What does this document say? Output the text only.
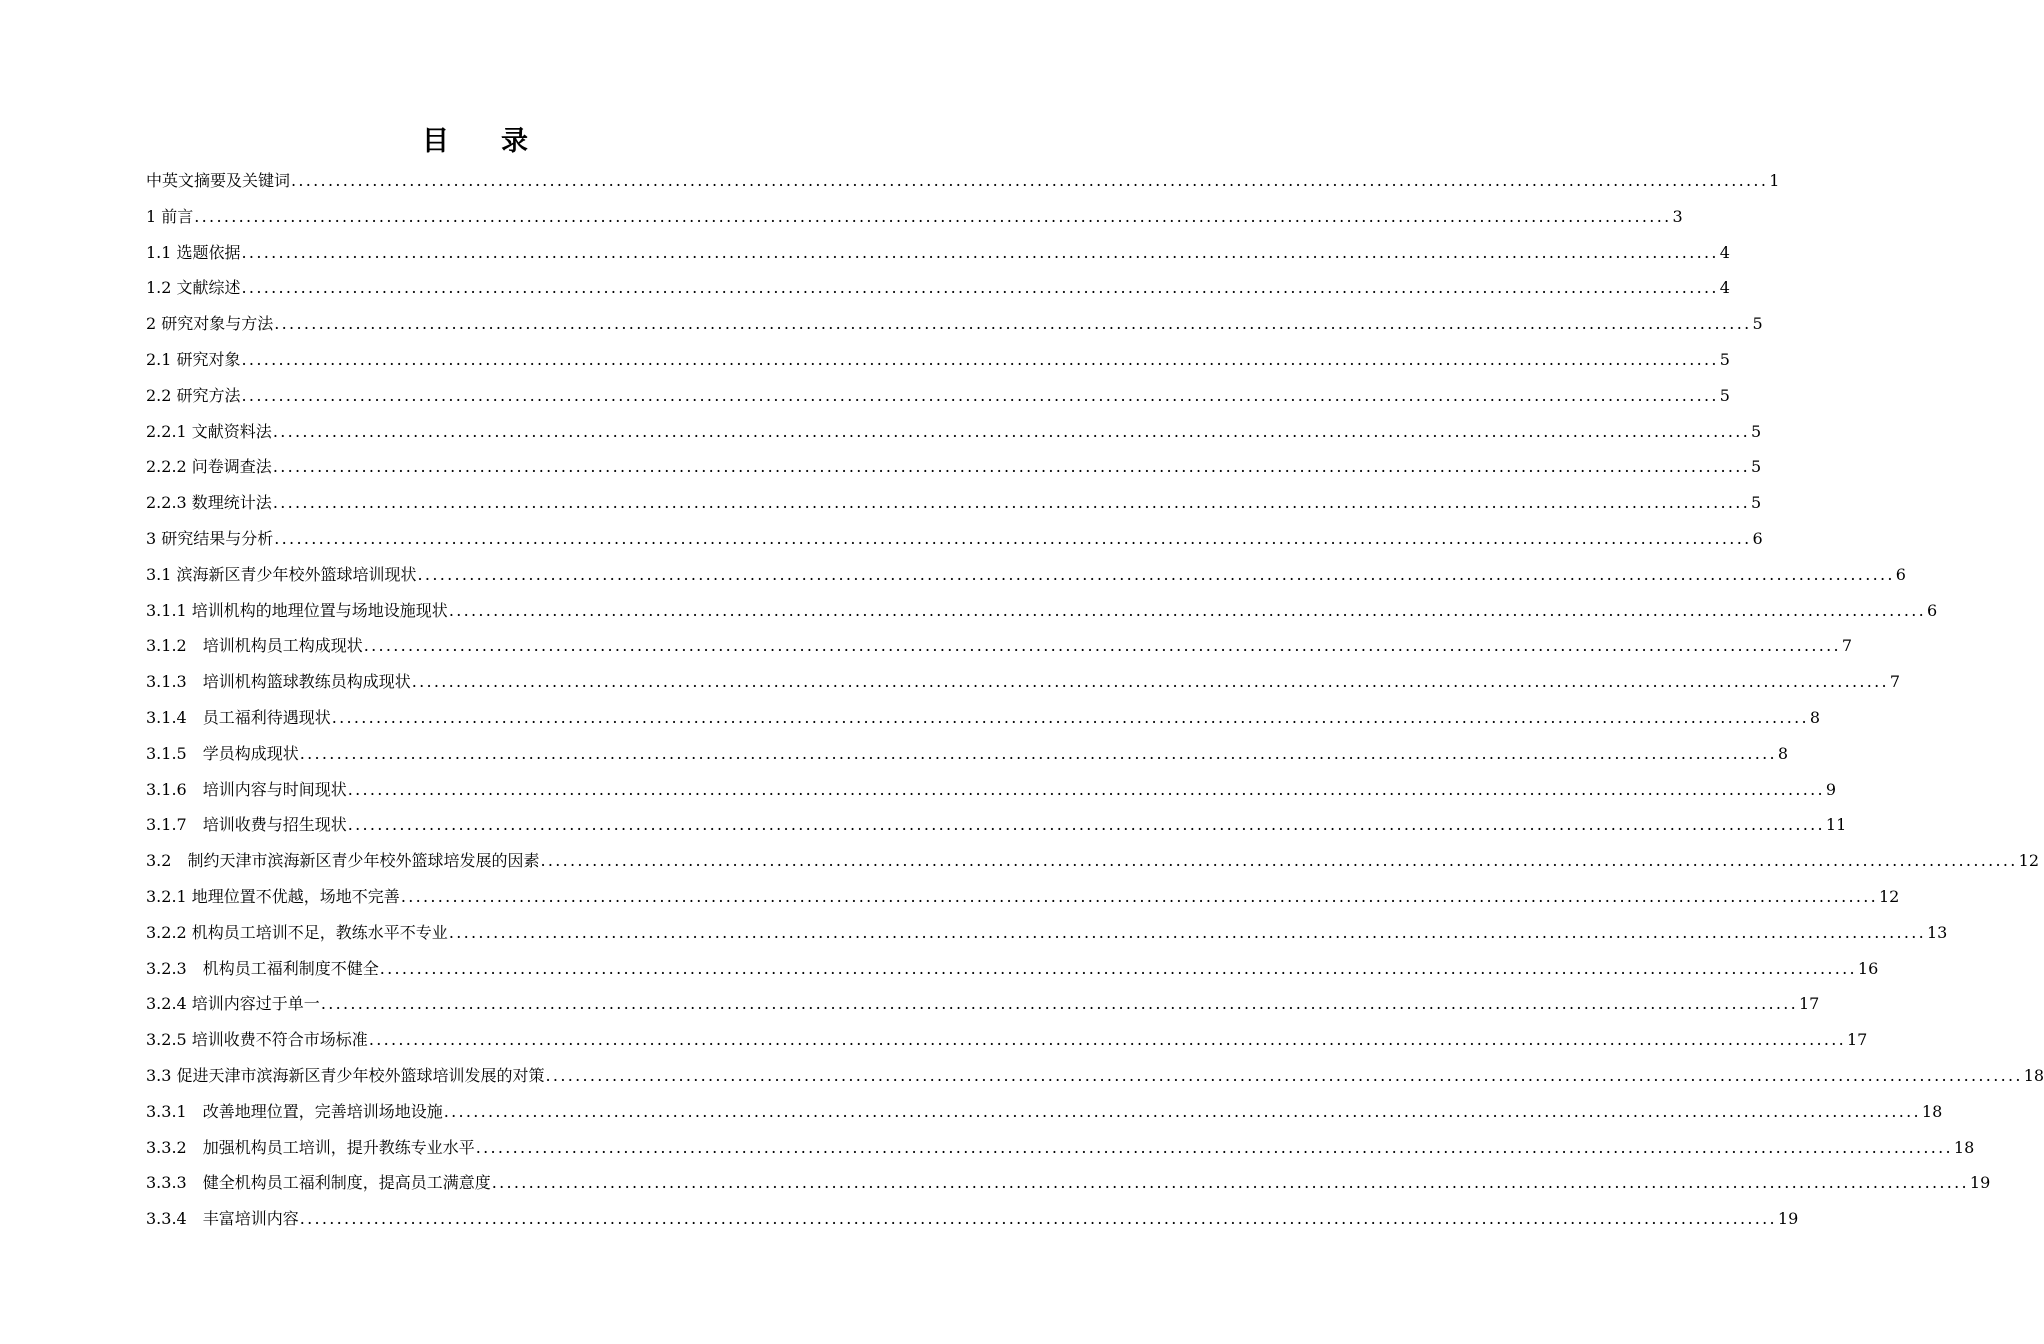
目 录
中英文摘要及关键词 ........................................................................................................................................................................................................ 1
1 前言 ........................................................................................................................................................................................................ 3
1.1 选题依据 ........................................................................................................................................................................................................ 4
1.2 文献综述 ........................................................................................................................................................................................................ 4
2 研究对象与方法 ........................................................................................................................................................................................................ 5
2.1 研究对象 ........................................................................................................................................................................................................ 5
2.2 研究方法 ........................................................................................................................................................................................................ 5
2.2.1 文献资料法 ........................................................................................................................................................................................................ 5
2.2.2 问卷调查法 ........................................................................................................................................................................................................ 5
2.2.3 数理统计法 ........................................................................................................................................................................................................ 5
3 研究结果与分析 ........................................................................................................................................................................................................ 6
3.1 滨海新区青少年校外篮球培训现状 ........................................................................................................................................................................................................ 6
3.1.1 培训机构的地理位置与场地设施现状 ........................................................................................................................................................................................................ 6
3.1.2　培训机构员工构成现状 ........................................................................................................................................................................................................ 7
3.1.3　培训机构篮球教练员构成现状 ........................................................................................................................................................................................................ 7
3.1.4　员工福利待遇现状 ........................................................................................................................................................................................................ 8
3.1.5　学员构成现状 ........................................................................................................................................................................................................ 8
3.1.6　培训内容与时间现状 ........................................................................................................................................................................................................ 9
3.1.7　培训收费与招生现状 ........................................................................................................................................................................................................ 11
3.2　制约天津市滨海新区青少年校外篮球培发展的因素 ........................................................................................................................................................................................................ 12
3.2.1 地理位置不优越，场地不完善 ........................................................................................................................................................................................................ 12
3.2.2 机构员工培训不足，教练水平不专业 ........................................................................................................................................................................................................ 13
3.2.3　机构员工福利制度不健全 ........................................................................................................................................................................................................ 16
3.2.4 培训内容过于单一 ........................................................................................................................................................................................................ 17
3.2.5 培训收费不符合市场标准 ........................................................................................................................................................................................................ 17
3.3 促进天津市滨海新区青少年校外篮球培训发展的对策 ........................................................................................................................................................................................................ 18
3.3.1　改善地理位置，完善培训场地设施 ........................................................................................................................................................................................................ 18
3.3.2　加强机构员工培训，提升教练专业水平 ........................................................................................................................................................................................................ 18
3.3.3　健全机构员工福利制度，提高员工满意度 ........................................................................................................................................................................................................ 19
3.3.4　丰富培训内容 ........................................................................................................................................................................................................ 19
